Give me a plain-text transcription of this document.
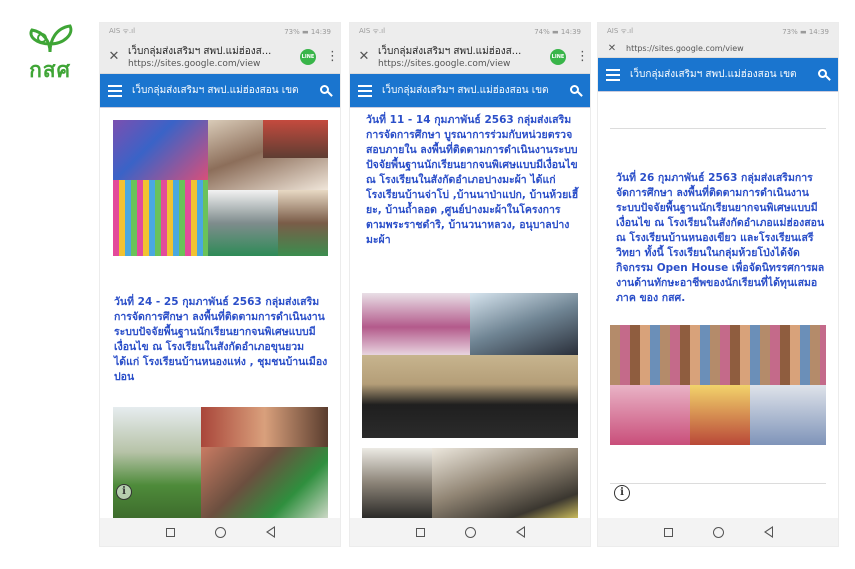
กสศ
AIS ᯤ.ıl	73% ▬ 14:39
✕ เว็บกลุ่มส่งเสริมฯ สพป.แม่ฮ่องส...
https://sites.google.com/view
LINE ⋮
เว็บกลุ่มส่งเสริมฯ สพป.แม่ฮ่องสอน เขต
วันที่ 24 - 25 กุมภาพันธ์ 2563 กลุ่มส่งเสริมการจัดการศึกษา ลงพื้นที่ติดตามการดำเนินงานระบบปัจจัยพื้นฐานนักเรียนยากจนพิเศษแบบมีเงื่อนไข ณ โรงเรียนในสังกัดอำเภอขุนยวม ได้แก่ โรงเรียนบ้านหนองแห่ง , ชุมชนบ้านเมืองปอน
i
AIS ᯤ.ıl	74% ▬ 14:39
✕ เว็บกลุ่มส่งเสริมฯ สพป.แม่ฮ่องส...
https://sites.google.com/view
LINE ⋮
เว็บกลุ่มส่งเสริมฯ สพป.แม่ฮ่องสอน เขต
วันที่ 11 - 14 กุมภาพันธ์ 2563 กลุ่มส่งเสริมการจัดการศึกษา บูรณาการร่วมกับหน่วยตรวจสอบภายใน ลงพื้นที่ติดตามการดำเนินงานระบบปัจจัยพื้นฐานนักเรียนยากจนพิเศษแบบมีเงื่อนไข ณ โรงเรียนในสังกัดอำเภอปางมะผ้า ได้แก่ โรงเรียนบ้านจ่าโบ่ ,บ้านนาป่าแปก, บ้านห้วยเฮี้ยะ, บ้านถ้ำลอด ,ศูนย์ปางมะผ้าในโครงการตามพระราชดำริ, บ้านวนาหลวง, อนุบาลปางมะผ้า
AIS ᯤ.ıl	73% ▬ 14:39
✕	https://sites.google.com/view
เว็บกลุ่มส่งเสริมฯ สพป.แม่ฮ่องสอน เขต
วันที่ 26 กุมภาพันธ์ 2563 กลุ่มส่งเสริมการจัดการศึกษา ลงพื้นที่ติดตามการดำเนินงานระบบปัจจัยพื้นฐานนักเรียนยากจนพิเศษแบบมีเงื่อนไข ณ โรงเรียนในสังกัดอำเภอแม่ฮ่องสอน ณ โรงเรียนบ้านหนองเขียว และโรงเรียนเสรีวิทยา ทั้งนี้ โรงเรียนในกลุ่มห้วยโป่งได้จัดกิจกรรม Open House เพื่อจัดนิทรรศการผลงานด้านทักษะอาชีพของนักเรียนที่ได้ทุนเสมอภาค ของ กสศ.
i
